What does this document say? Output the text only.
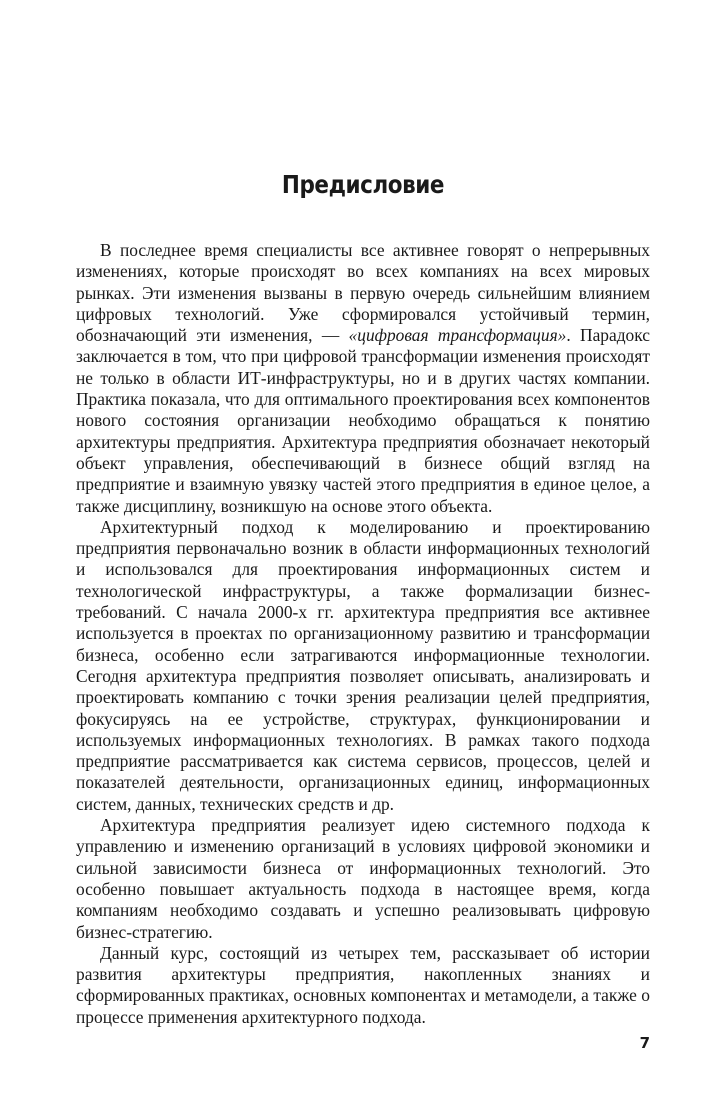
Предисловие

В последнее время специалисты все активнее говорят о непрерывных изменениях, которые происходят во всех компаниях на всех мировых рынках. Эти изменения вызваны в первую очередь сильнейшим влиянием цифровых технологий. Уже сформировался устойчивый термин, обозначающий эти изменения, — «цифровая трансформация». Парадокс заключается в том, что при цифровой трансформации изменения происходят не только в области ИТ-инфраструктуры, но и в других частях компании. Практика показала, что для оптимального проектирования всех компонентов нового состояния организации необходимо обращаться к понятию архитектуры предприятия. Архитектура предприятия обозначает некоторый объект управления, обеспечивающий в бизнесе общий взгляд на предприятие и взаимную увязку частей этого предприятия в единое целое, а также дисциплину, возникшую на основе этого объекта.

Архитектурный подход к моделированию и проектированию предприятия первоначально возник в области информационных технологий и использовался для проектирования информационных систем и технологической инфраструктуры, а также формализации бизнес-требований. С начала 2000-х гг. архитектура предприятия все активнее используется в проектах по организационному развитию и трансформации бизнеса, особенно если затрагиваются информационные технологии. Сегодня архитектура предприятия позволяет описывать, анализировать и проектировать компанию с точки зрения реализации целей предприятия, фокусируясь на ее устройстве, структурах, функционировании и используемых информационных технологиях. В рамках такого подхода предприятие рассматривается как система сервисов, процессов, целей и показателей деятельности, организационных единиц, информационных систем, данных, технических средств и др.

Архитектура предприятия реализует идею системного подхода к управлению и изменению организаций в условиях цифровой экономики и сильной зависимости бизнеса от информационных технологий. Это особенно повышает актуальность подхода в настоящее время, когда компаниям необходимо создавать и успешно реализовывать цифровую бизнес-стратегию.

Данный курс, состоящий из четырех тем, рассказывает об истории развития архитектуры предприятия, накопленных знаниях и сформированных практиках, основных компонентах и метамодели, а также о процессе применения архитектурного подхода.

7
